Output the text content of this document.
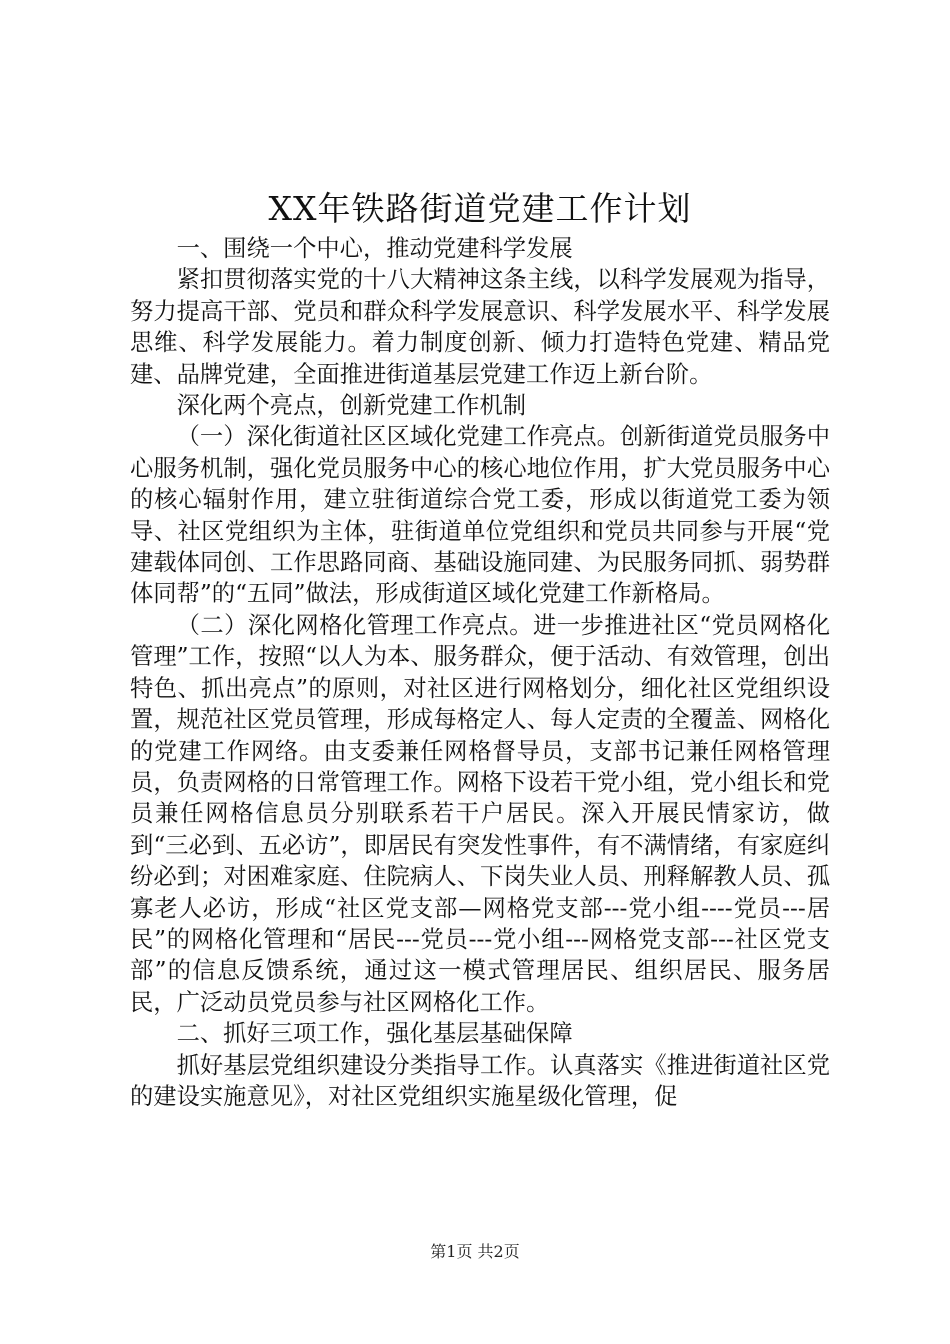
XX年铁路街道党建工作计划

一、围绕一个中心，推动党建科学发展

紧扣贯彻落实党的十八大精神这条主线，以科学发展观为指导，努力提高干部、党员和群众科学发展意识、科学发展水平、科学发展思维、科学发展能力。着力制度创新、倾力打造特色党建、精品党建、品牌党建，全面推进街道基层党建工作迈上新台阶。

深化两个亮点，创新党建工作机制

（一）深化街道社区区域化党建工作亮点。创新街道党员服务中心服务机制，强化党员服务中心的核心地位作用，扩大党员服务中心的核心辐射作用，建立驻街道综合党工委，形成以街道党工委为领导、社区党组织为主体，驻街道单位党组织和党员共同参与开展“党建载体同创、工作思路同商、基础设施同建、为民服务同抓、弱势群体同帮”的“五同”做法，形成街道区域化党建工作新格局。

（二）深化网格化管理工作亮点。进一步推进社区“党员网格化管理”工作，按照“以人为本、服务群众，便于活动、有效管理，创出特色、抓出亮点”的原则，对社区进行网格划分，细化社区党组织设置，规范社区党员管理，形成每格定人、每人定责的全覆盖、网格化的党建工作网络。由支委兼任网格督导员，支部书记兼任网格管理员，负责网格的日常管理工作。网格下设若干党小组，党小组长和党员兼任网格信息员分别联系若干户居民。深入开展民情家访，做到“三必到、五必访”，即居民有突发性事件，有不满情绪，有家庭纠纷必到；对困难家庭、住院病人、下岗失业人员、刑释解教人员、孤寡老人必访，形成“社区党支部—网格党支部---党小组----党员---居民”的网格化管理和“居民---党员---党小组---网格党支部---社区党支部”的信息反馈系统，通过这一模式管理居民、组织居民、服务居民，广泛动员党员参与社区网格化工作。

二、抓好三项工作，强化基层基础保障

抓好基层党组织建设分类指导工作。认真落实《推进街道社区党的建设实施意见》，对社区党组织实施星级化管理，促

第1页 共2页
